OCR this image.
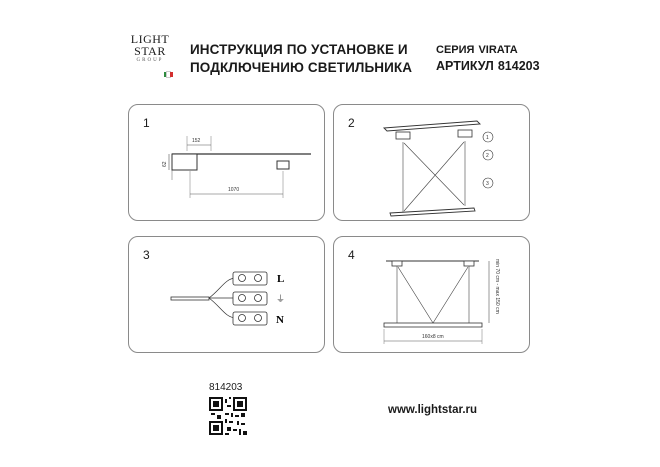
LIGHT
STAR
GROUP
ИНСТРУКЦИЯ ПО УСТАНОВКЕ И
ПОДКЛЮЧЕНИЮ СВЕТИЛЬНИКА
СЕРИЯ VIRATA
АРТИКУЛ 814203
1
152
62
1070
2
1
2
3
3
L
⏚
N
4
160x8 cm
min 70 cm - max 150 cm
814203
www.lightstar.ru
